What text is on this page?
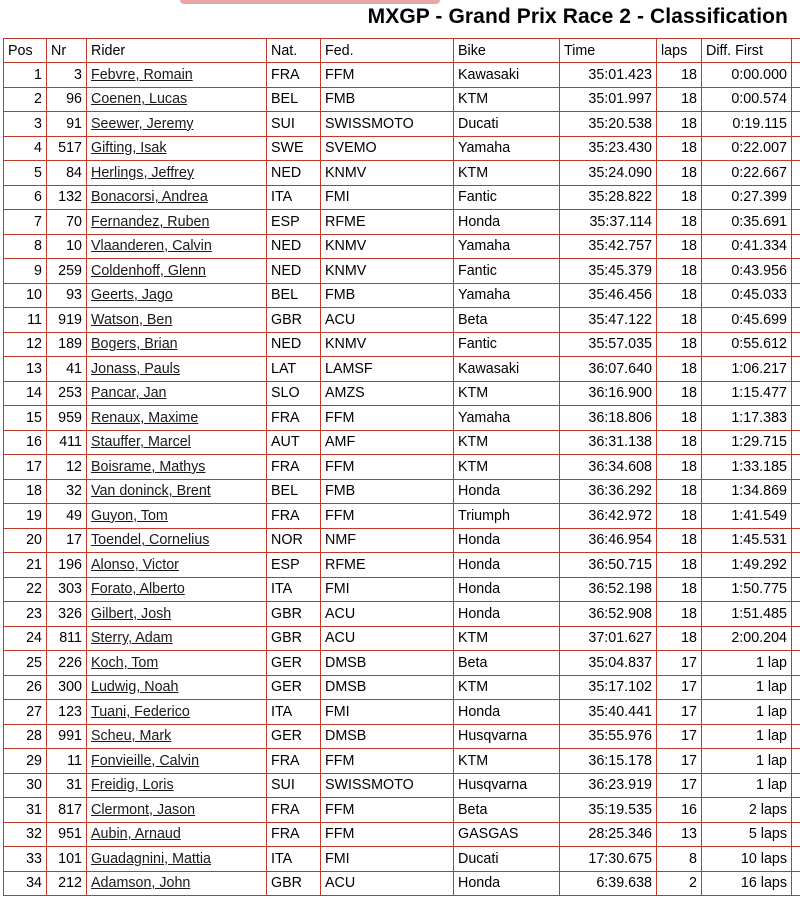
MXGP - Grand Prix Race 2 - Classification
Pos	Nr	Rider	Nat.	Fed.	Bike	Time	laps	Diff. First	
1	3	Febvre, Romain	FRA	FFM	Kawasaki	35:01.423	18	0:00.000	
2	96	Coenen, Lucas	BEL	FMB	KTM	35:01.997	18	0:00.574	
3	91	Seewer, Jeremy	SUI	SWISSMOTO	Ducati	35:20.538	18	0:19.115	
4	517	Gifting, Isak	SWE	SVEMO	Yamaha	35:23.430	18	0:22.007	
5	84	Herlings, Jeffrey	NED	KNMV	KTM	35:24.090	18	0:22.667	
6	132	Bonacorsi, Andrea	ITA	FMI	Fantic	35:28.822	18	0:27.399	
7	70	Fernandez, Ruben	ESP	RFME	Honda	35:37.114	18	0:35.691	
8	10	Vlaanderen, Calvin	NED	KNMV	Yamaha	35:42.757	18	0:41.334	
9	259	Coldenhoff, Glenn	NED	KNMV	Fantic	35:45.379	18	0:43.956	
10	93	Geerts, Jago	BEL	FMB	Yamaha	35:46.456	18	0:45.033	
11	919	Watson, Ben	GBR	ACU	Beta	35:47.122	18	0:45.699	
12	189	Bogers, Brian	NED	KNMV	Fantic	35:57.035	18	0:55.612	
13	41	Jonass, Pauls	LAT	LAMSF	Kawasaki	36:07.640	18	1:06.217	
14	253	Pancar, Jan	SLO	AMZS	KTM	36:16.900	18	1:15.477	
15	959	Renaux, Maxime	FRA	FFM	Yamaha	36:18.806	18	1:17.383	
16	411	Stauffer, Marcel	AUT	AMF	KTM	36:31.138	18	1:29.715	
17	12	Boisrame, Mathys	FRA	FFM	KTM	36:34.608	18	1:33.185	
18	32	Van doninck, Brent	BEL	FMB	Honda	36:36.292	18	1:34.869	
19	49	Guyon, Tom	FRA	FFM	Triumph	36:42.972	18	1:41.549	
20	17	Toendel, Cornelius	NOR	NMF	Honda	36:46.954	18	1:45.531	
21	196	Alonso, Victor	ESP	RFME	Honda	36:50.715	18	1:49.292	
22	303	Forato, Alberto	ITA	FMI	Honda	36:52.198	18	1:50.775	
23	326	Gilbert, Josh	GBR	ACU	Honda	36:52.908	18	1:51.485	
24	811	Sterry, Adam	GBR	ACU	KTM	37:01.627	18	2:00.204	
25	226	Koch, Tom	GER	DMSB	Beta	35:04.837	17	1 lap	
26	300	Ludwig, Noah	GER	DMSB	KTM	35:17.102	17	1 lap	
27	123	Tuani, Federico	ITA	FMI	Honda	35:40.441	17	1 lap	
28	991	Scheu, Mark	GER	DMSB	Husqvarna	35:55.976	17	1 lap	
29	11	Fonvieille, Calvin	FRA	FFM	KTM	36:15.178	17	1 lap	
30	31	Freidig, Loris	SUI	SWISSMOTO	Husqvarna	36:23.919	17	1 lap	
31	817	Clermont, Jason	FRA	FFM	Beta	35:19.535	16	2 laps	
32	951	Aubin, Arnaud	FRA	FFM	GASGAS	28:25.346	13	5 laps	
33	101	Guadagnini, Mattia	ITA	FMI	Ducati	17:30.675	8	10 laps	
34	212	Adamson, John	GBR	ACU	Honda	6:39.638	2	16 laps	
